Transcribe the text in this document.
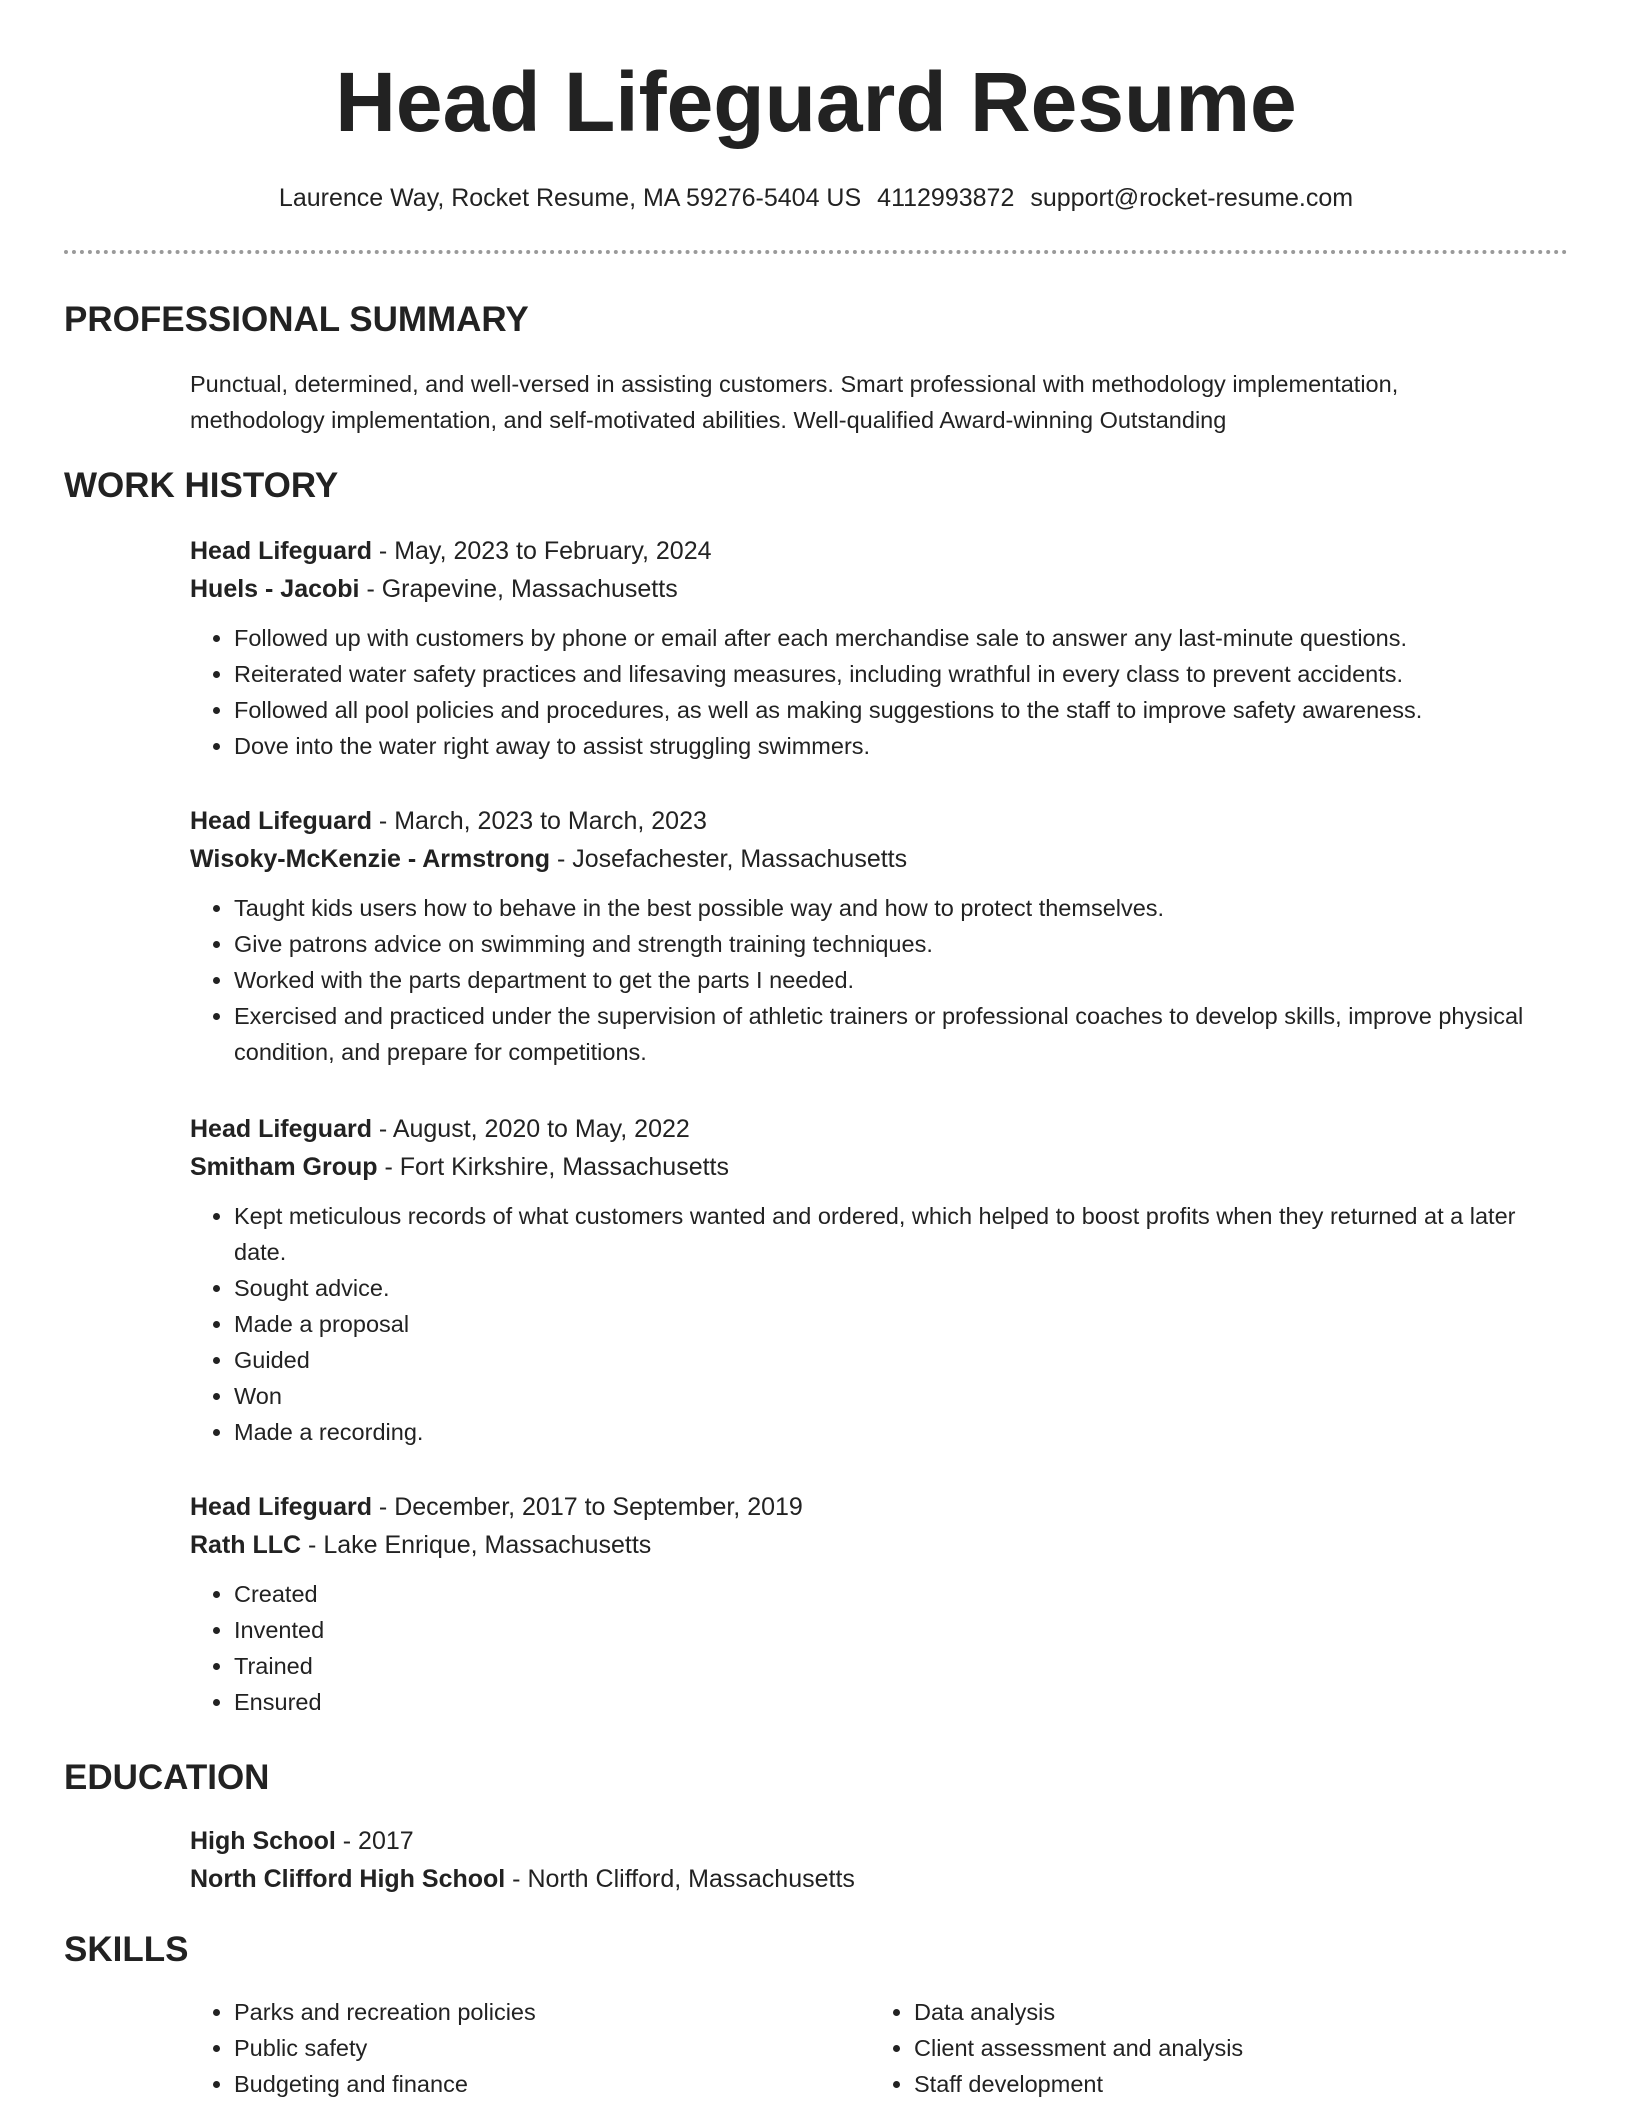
Head Lifeguard Resume
Laurence Way, Rocket Resume, MA 59276-5404 US 4112993872 support@rocket-resume.com
PROFESSIONAL SUMMARY

Punctual, determined, and well-versed in assisting customers. Smart professional with methodology implementation, methodology implementation, and self-motivated abilities. Well-qualified Award-winning Outstanding

WORK HISTORY
Head Lifeguard - May, 2023 to February, 2024
Huels - Jacobi - Grapevine, Massachusetts
• Followed up with customers by phone or email after each merchandise sale to answer any last-minute questions.
• Reiterated water safety practices and lifesaving measures, including wrathful in every class to prevent accidents.
• Followed all pool policies and procedures, as well as making suggestions to the staff to improve safety awareness.
• Dove into the water right away to assist struggling swimmers.
Head Lifeguard - March, 2023 to March, 2023
Wisoky-McKenzie - Armstrong - Josefachester, Massachusetts
• Taught kids users how to behave in the best possible way and how to protect themselves.
• Give patrons advice on swimming and strength training techniques.
• Worked with the parts department to get the parts I needed.
• Exercised and practiced under the supervision of athletic trainers or professional coaches to develop skills, improve physical condition, and prepare for competitions.
Head Lifeguard - August, 2020 to May, 2022
Smitham Group - Fort Kirkshire, Massachusetts
• Kept meticulous records of what customers wanted and ordered, which helped to boost profits when they returned at a later date.
• Sought advice.
• Made a proposal
• Guided
• Won
• Made a recording.
Head Lifeguard - December, 2017 to September, 2019
Rath LLC - Lake Enrique, Massachusetts
• Created
• Invented
• Trained
• Ensured
EDUCATION
High School - 2017
North Clifford High School - North Clifford, Massachusetts
SKILLS
• Parks and recreation policies
• Public safety
• Budgeting and finance
• Data analysis
• Client assessment and analysis
• Staff development
